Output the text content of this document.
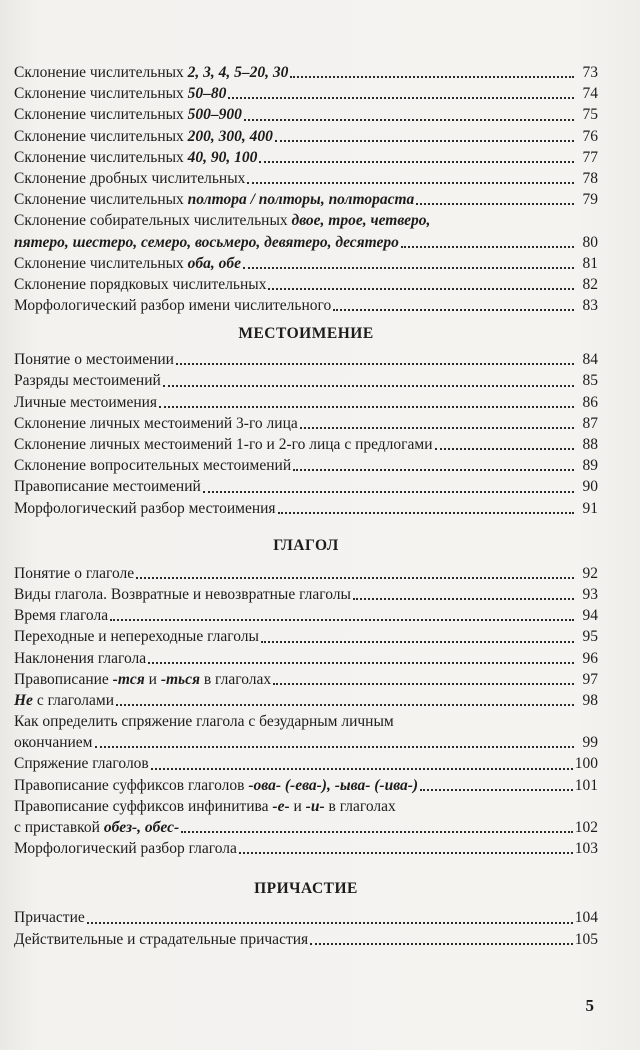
Склонение числительных 2, 3, 4, 5–20, 30	73
Склонение числительных 50–80	74
Склонение числительных 500–900	75
Склонение числительных 200, 300, 400	76
Склонение числительных 40, 90, 100	77
Склонение дробных числительных	78
Склонение числительных полтора / полторы, полтораста	79
Склонение собирательных числительных двое, трое, четверо,
пятеро, шестеро, семеро, восьмеро, девятеро, десятеро	80
Склонение числительных оба, обе	81
Склонение порядковых числительных	82
Морфологический разбор имени числительного	83
МЕСТОИМЕНИЕ
Понятие о местоимении	84
Разряды местоимений	85
Личные местоимения	86
Склонение личных местоимений 3-го лица	87
Склонение личных местоимений 1-го и 2-го лица с предлогами	88
Склонение вопросительных местоимений	89
Правописание местоимений	90
Морфологический разбор местоимения	91
ГЛАГОЛ
Понятие о глаголе	92
Виды глагола. Возвратные и невозвратные глаголы	93
Время глагола	94
Переходные и непереходные глаголы	95
Наклонения глагола	96
Правописание -тся и -ться в глаголах	97
Не с глаголами	98
Как определить спряжение глагола с безударным личным
окончанием	99
Спряжение глаголов	100
Правописание суффиксов глаголов -ова- (-ева-), -ыва- (-ива-)	101
Правописание суффиксов инфинитива -е- и -и- в глаголах
с приставкой обез-, обес-	102
Морфологический разбор глагола	103
ПРИЧАСТИЕ
Причастие	104
Действительные и страдательные причастия	105
5
